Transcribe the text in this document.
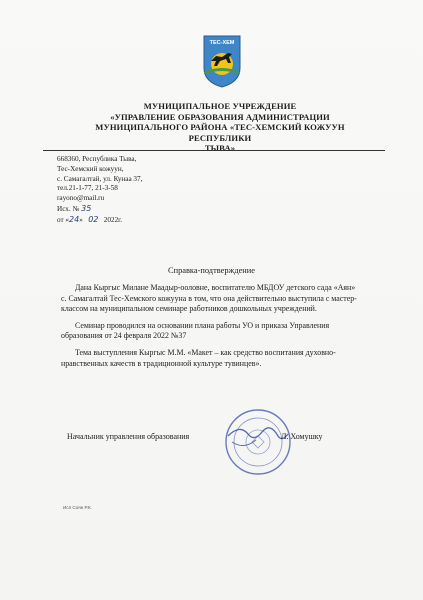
ТЕС-ХЕМ
МУНИЦИПАЛЬНОЕ УЧРЕЖДЕНИЕ
«УПРАВЛЕНИЕ ОБРАЗОВАНИЯ АДМИНИСТРАЦИИ
МУНИЦИПАЛЬНОГО РАЙОНА «ТЕС-ХЕМСКИЙ КОЖУУН РЕСПУБЛИКИ
ТЫВА»
668360, Республика Тыва,
Тес-Хемский кожуун,
с. Самагалтай, ул. Кунаа 37,
тел.21-1-77, 21-3-58
rayono@mail.ru
Исх. № 35
от «24» 02 2022г.
Справка-подтверждение

Дана Кыргыс Милане Маадыр-ооловне, воспитателю МБДОУ детского сада «Аян» с. Самагалтай Тес-Хемского кожууна в том, что она действительно выступила с мастер-классом на муниципальном семинаре работников дошкольных учреждений.

Семинар проводился на основании плана работы УО и приказа Управления образования от 24 февраля 2022 №37

Тема выступления Кыргыс М.М. «Макет – как средство воспитания духовно-нравственных качеств в традиционной культуре тувинцев».

Начальник управления образования	Л. Хомушку
Исп Соян Р.К.
